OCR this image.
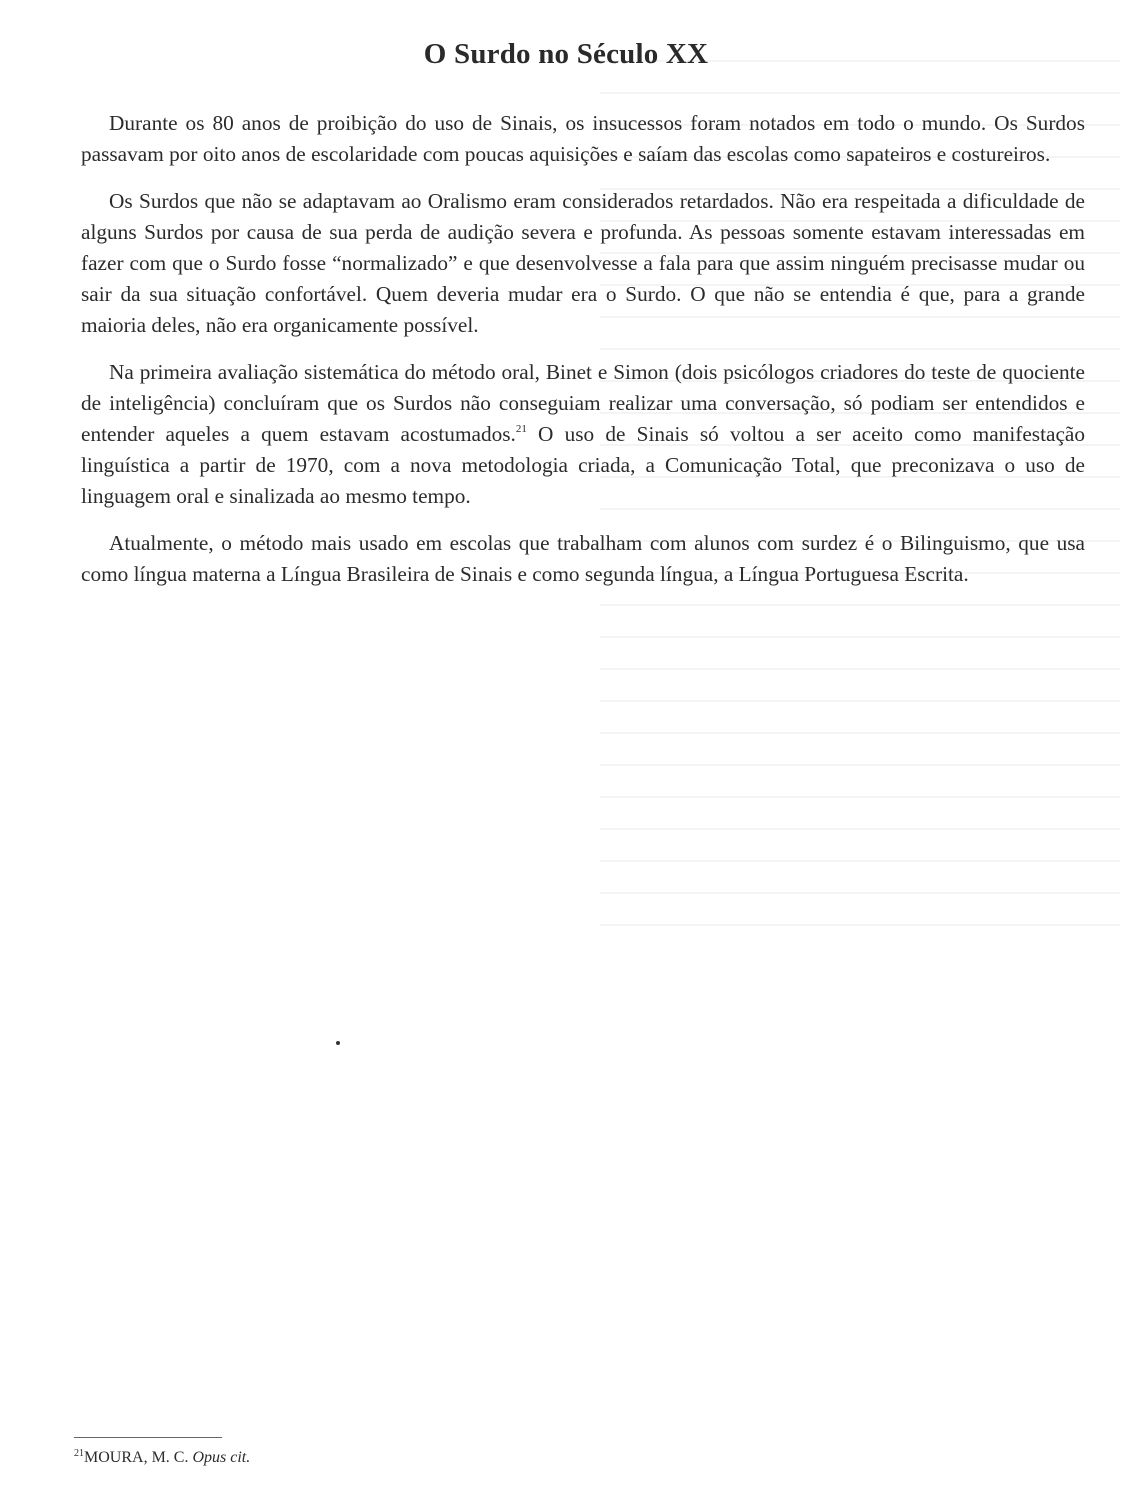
O Surdo no Século XX

Durante os 80 anos de proibição do uso de Sinais, os insucessos foram notados em todo o mundo. Os Surdos passavam por oito anos de escolaridade com poucas aquisições e saíam das escolas como sapateiros e costureiros.

Os Surdos que não se adaptavam ao Oralismo eram considerados retardados. Não era respeitada a dificuldade de alguns Surdos por causa de sua perda de audição severa e profunda. As pessoas somente estavam interessadas em fazer com que o Surdo fosse “normalizado” e que desenvolvesse a fala para que assim ninguém precisasse mudar ou sair da sua situação confortável. Quem deveria mudar era o Surdo. O que não se entendia é que, para a grande maioria deles, não era organicamente possível.

Na primeira avaliação sistemática do método oral, Binet e Simon (dois psicólogos criadores do teste de quociente de inteligência) concluíram que os Surdos não conseguiam realizar uma conversação, só podiam ser entendidos e entender aqueles a quem estavam acostumados.$^{21}$ O uso de Sinais só voltou a ser aceito como manifestação linguística a partir de 1970, com a nova metodologia criada, a Comunicação Total, que preconizava o uso de linguagem oral e sinalizada ao mesmo tempo.

Atualmente, o método mais usado em escolas que trabalham com alunos com surdez é o Bilinguismo, que usa como língua materna a Língua Brasileira de Sinais e como segunda língua, a Língua Portuguesa Escrita.

$^{21}$MOURA, M. C. Opus cit.
